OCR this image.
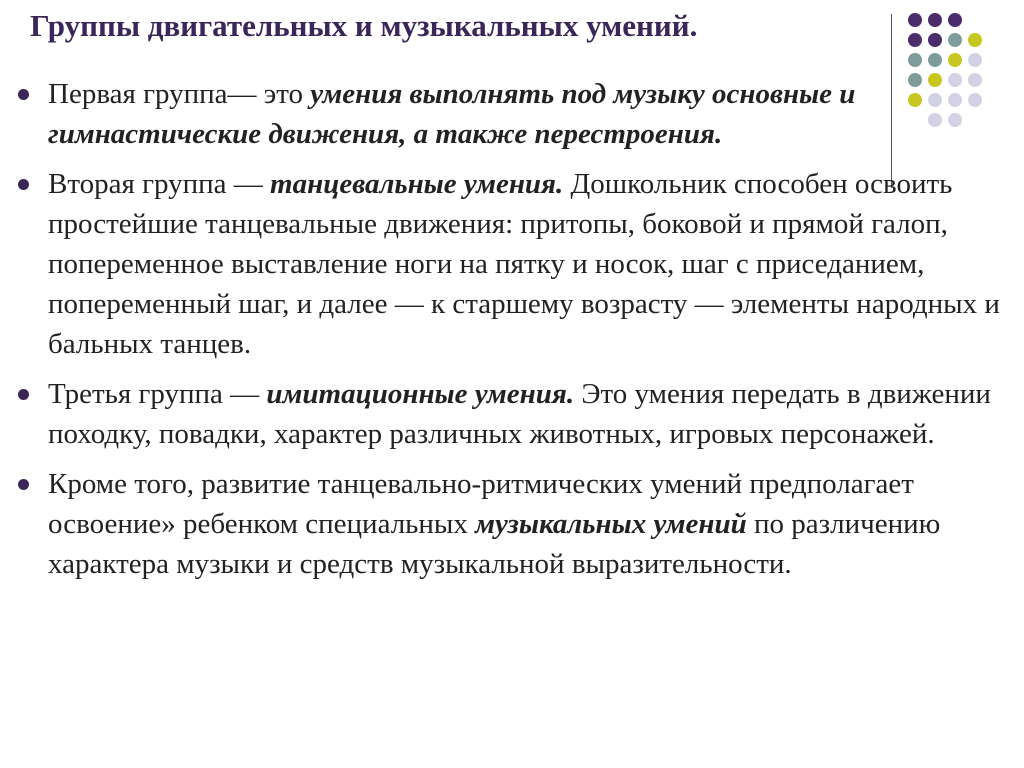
Группы двигательных и музыкальных умений.
Первая группа— это умения выполнять под музыку основные и гимнастические движения, а также перестроения.
Вторая группа — танцевальные умения. Дошкольник способен освоить простейшие танцевальные движения: притопы, боковой и прямой галоп, попеременное выставление ноги на пятку и носок, шаг с приседанием, попеременный шаг, и далее — к старшему возрасту — элементы народных и бальных танцев.
Третья группа — имитационные умения. Это умения передать в движении походку, повадки, характер различных животных, игровых персонажей.
Кроме того, развитие танцевально-ритмических умений предполагает освоение» ребенком специальных музыкальных умений по различению характера музыки и средств музыкальной выразительности.
